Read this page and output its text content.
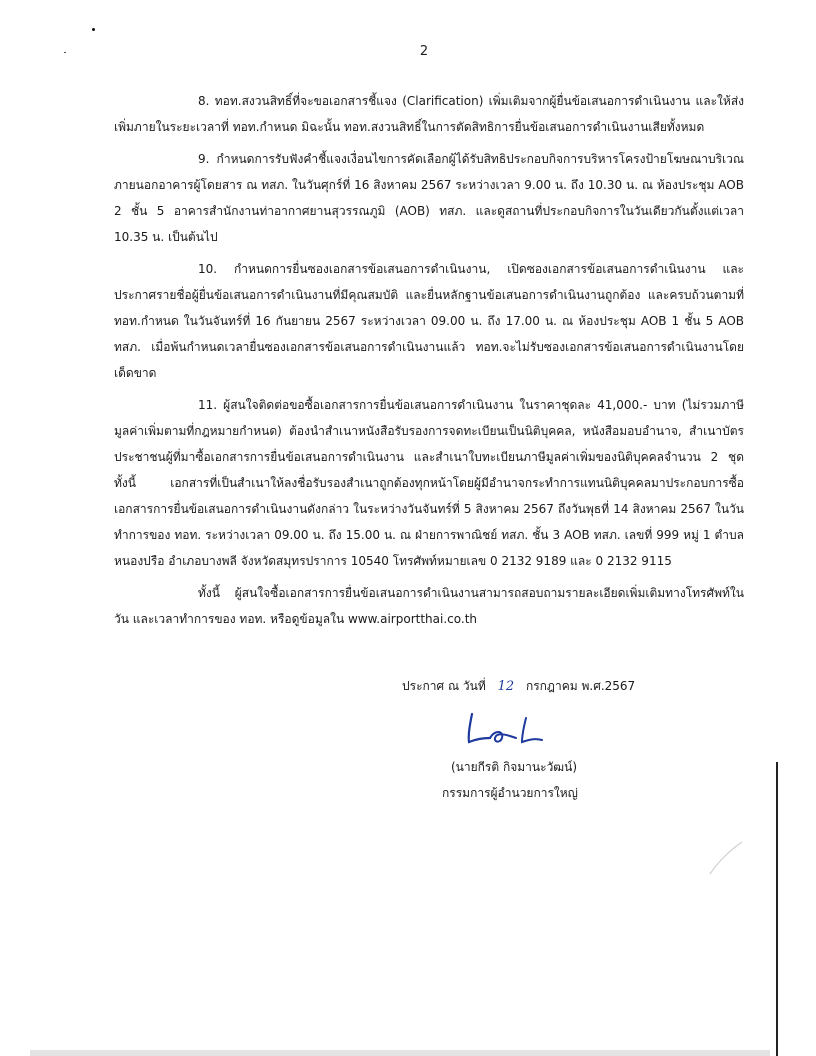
2

8. ทอท.สงวนสิทธิ์ที่จะขอเอกสารชี้แจง (Clarification) เพิ่มเติมจากผู้ยื่นข้อเสนอการดำเนินงาน และให้ส่งเพิ่มภายในระยะเวลาที่ ทอท.กำหนด มิฉะนั้น ทอท.สงวนสิทธิ์ในการตัดสิทธิการยื่นข้อเสนอการดำเนินงานเสียทั้งหมด

9. กำหนดการรับฟังคำชี้แจงเงื่อนไขการคัดเลือกผู้ได้รับสิทธิประกอบกิจการบริหารโครงป้ายโฆษณาบริเวณภายนอกอาคารผู้โดยสาร ณ ทสภ. ในวันศุกร์ที่ 16 สิงหาคม 2567 ระหว่างเวลา 9.00 น. ถึง 10.30 น. ณ ห้องประชุม AOB 2 ชั้น 5 อาคารสำนักงานท่าอากาศยานสุวรรณภูมิ (AOB) ทสภ. และดูสถานที่ประกอบกิจการในวันเดียวกันตั้งแต่เวลา 10.35 น. เป็นต้นไป

10. กำหนดการยื่นซองเอกสารข้อเสนอการดำเนินงาน, เปิดซองเอกสารข้อเสนอการดำเนินงาน และประกาศรายชื่อผู้ยื่นข้อเสนอการดำเนินงานที่มีคุณสมบัติ และยื่นหลักฐานข้อเสนอการดำเนินงานถูกต้อง และครบถ้วนตามที่ ทอท.กำหนด ในวันจันทร์ที่ 16 กันยายน 2567 ระหว่างเวลา 09.00 น. ถึง 17.00 น. ณ ห้องประชุม AOB 1 ชั้น 5 AOB ทสภ. เมื่อพ้นกำหนดเวลายื่นซองเอกสารข้อเสนอการดำเนินงานแล้ว ทอท.จะไม่รับซองเอกสารข้อเสนอการดำเนินงานโดยเด็ดขาด

11. ผู้สนใจติดต่อขอซื้อเอกสารการยื่นข้อเสนอการดำเนินงาน ในราคาชุดละ 41,000.- บาท (ไม่รวมภาษีมูลค่าเพิ่มตามที่กฎหมายกำหนด) ต้องนำสำเนาหนังสือรับรองการจดทะเบียนเป็นนิติบุคคล, หนังสือมอบอำนาจ, สำเนาบัตรประชาชนผู้ที่มาซื้อเอกสารการยื่นข้อเสนอการดำเนินงาน และสำเนาใบทะเบียนภาษีมูลค่าเพิ่มของนิติบุคคลจำนวน 2 ชุด ทั้งนี้ เอกสารที่เป็นสำเนาให้ลงชื่อรับรองสำเนาถูกต้องทุกหน้าโดยผู้มีอำนาจกระทำการแทนนิติบุคคลมาประกอบการซื้อเอกสารการยื่นข้อเสนอการดำเนินงานดังกล่าว ในระหว่างวันจันทร์ที่ 5 สิงหาคม 2567 ถึงวันพุธที่ 14 สิงหาคม 2567 ในวันทำการของ ทอท. ระหว่างเวลา 09.00 น. ถึง 15.00 น. ณ ฝ่ายการพาณิชย์ ทสภ. ชั้น 3 AOB ทสภ. เลขที่ 999 หมู่ 1 ตำบลหนองปรือ อำเภอบางพลี จังหวัดสมุทรปราการ 10540 โทรศัพท์หมายเลข 0 2132 9189 และ 0 2132 9115

ทั้งนี้ ผู้สนใจซื้อเอกสารการยื่นข้อเสนอการดำเนินงานสามารถสอบถามรายละเอียดเพิ่มเติมทางโทรศัพท์ในวัน และเวลาทำการของ ทอท. หรือดูข้อมูลใน www.airportthai.co.th

ประกาศ ณ วันที่ 12 กรกฎาคม พ.ศ.2567
(นายกีรติ กิจมานะวัฒน์)
กรรมการผู้อำนวยการใหญ่
